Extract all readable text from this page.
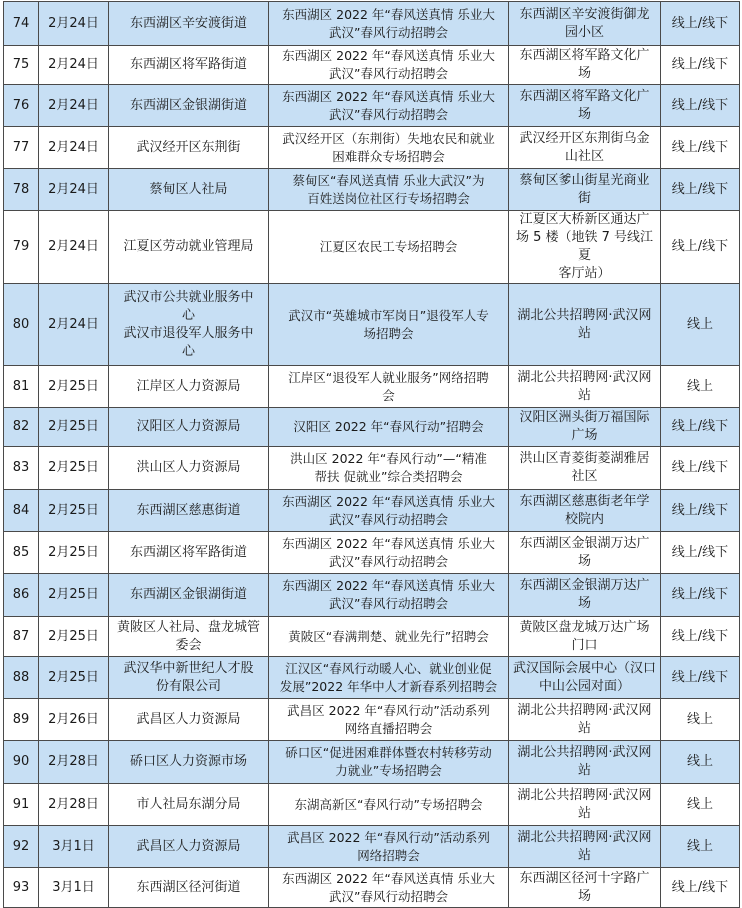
74	2月24日	东西湖区辛安渡街道	东西湖区 2022 年“春风送真情 乐业大
武汉”春风行动招聘会	东西湖区辛安渡街御龙
园小区	线上/线下
75	2月24日	东西湖区将军路街道	东西湖区 2022 年“春风送真情 乐业大
武汉”春风行动招聘会	东西湖区将军路文化广
场	线上/线下
76	2月24日	东西湖区金银湖街道	东西湖区 2022 年“春风送真情 乐业大
武汉”春风行动招聘会	东西湖区将军路文化广
场	线上/线下
77	2月24日	武汉经开区东荆街	武汉经开区（东荆街）失地农民和就业
困难群众专场招聘会	武汉经开区东荆街乌金
山社区	线上/线下
78	2月24日	蔡甸区人社局	蔡甸区“春风送真情 乐业大武汉”为
百姓送岗位社区行专场招聘会	蔡甸区爹山街星光商业
街	线上/线下
79	2月24日	江夏区劳动就业管理局	江夏区农民工专场招聘会	江夏区大桥新区通达广
场 5 楼（地铁 7 号线江夏
客厅站）	线上/线下
80	2月24日	武汉市公共就业服务中
心
武汉市退役军人服务中
心	武汉市“英雄城市军岗日”退役军人专
场招聘会	湖北公共招聘网·武汉网
站	线上
81	2月25日	江岸区人力资源局	江岸区“退役军人就业服务”网络招聘
会	湖北公共招聘网·武汉网
站	线上
82	2月25日	汉阳区人力资源局	汉阳区 2022 年“春风行动”招聘会	汉阳区洲头街万福国际
广场	线上/线下
83	2月25日	洪山区人力资源局	洪山区 2022 年“春风行动”—“精准
帮扶 促就业”综合类招聘会	洪山区青菱街菱湖雅居
社区	线上/线下
84	2月25日	东西湖区慈惠街道	东西湖区 2022 年“春风送真情 乐业大
武汉”春风行动招聘会	东西湖区慈惠街老年学
校院内	线上/线下
85	2月25日	东西湖区将军路街道	东西湖区 2022 年“春风送真情 乐业大
武汉”春风行动招聘会	东西湖区金银湖万达广
场	线上/线下
86	2月25日	东西湖区金银湖街道	东西湖区 2022 年“春风送真情 乐业大
武汉”春风行动招聘会	东西湖区金银湖万达广
场	线上/线下
87	2月25日	黄陂区人社局、盘龙城管
委会	黄陂区“春满荆楚、就业先行”招聘会	黄陂区盘龙城万达广场
门口	线上/线下
88	2月25日	武汉华中新世纪人才股
份有限公司	江汉区“春风行动暖人心、就业创业促
发展”2022 年华中人才新春系列招聘会	武汉国际会展中心（汉口
中山公园对面）	线上/线下
89	2月26日	武昌区人力资源局	武昌区 2022 年“春风行动”活动系列
网络直播招聘会	湖北公共招聘网·武汉网
站	线上
90	2月28日	硚口区人力资源市场	硚口区“促进困难群体暨农村转移劳动
力就业”专场招聘会	湖北公共招聘网·武汉网
站	线上
91	2月28日	市人社局东湖分局	东湖高新区“春风行动”专场招聘会	湖北公共招聘网·武汉网
站	线上
92	3月1日	武昌区人力资源局	武昌区 2022 年“春风行动”活动系列
网络招聘会	湖北公共招聘网·武汉网
站	线上
93	3月1日	东西湖区径河街道	东西湖区 2022 年“春风送真情 乐业大
武汉”春风行动招聘会	东西湖区径河十字路广
场	线上/线下
